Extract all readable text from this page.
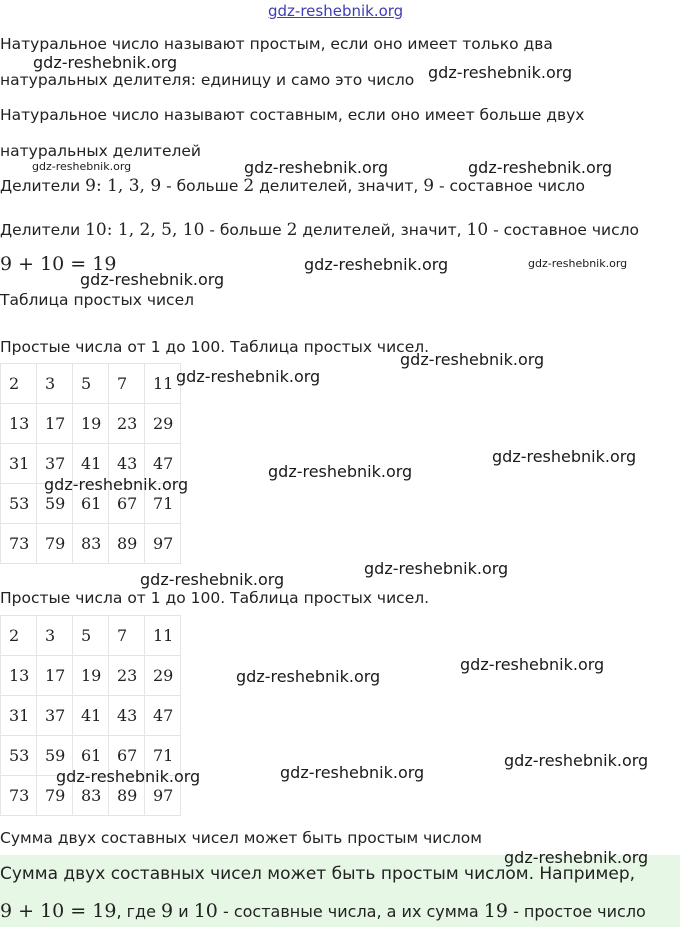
gdz-reshebnik.org
Натуральное число называют простым, если оно имеет только два
натуральных делителя: единицу и само это число
Натуральное число называют составным, если оно имеет больше двух
натуральных делителей
Делители 9: 1, 3, 9 - больше 2 делителей, значит, 9 - составное число
Делители 10: 1, 2, 5, 10 - больше 2 делителей, значит, 10 - составное число
9 + 10 = 19
Таблица простых чисел
Простые числа от 1 до 100. Таблица простых чисел.
2	3	5	7	11
13	17	19	23	29
31	37	41	43	47
53	59	61	67	71
73	79	83	89	97
Простые числа от 1 до 100. Таблица простых чисел.
2	3	5	7	11
13	17	19	23	29
31	37	41	43	47
53	59	61	67	71
73	79	83	89	97
Сумма двух составных чисел может быть простым числом
Сумма двух составных чисел может быть простым числом. Например,
9 + 10 = 19, где 9 и 10 - составные числа, а их сумма 19 - простое число
gdz-reshebnik.org
gdz-reshebnik.org
gdz-reshebnik.org	gdz-reshebnik.org	gdz-reshebnik.org
gdz-reshebnik.org	gdz-reshebnik.org
gdz-reshebnik.org
gdz-reshebnik.org
gdz-reshebnik.org
gdz-reshebnik.org
gdz-reshebnik.org
gdz-reshebnik.org
gdz-reshebnik.org
gdz-reshebnik.org
gdz-reshebnik.org
gdz-reshebnik.org
gdz-reshebnik.org
gdz-reshebnik.org
gdz-reshebnik.org
gdz-reshebnik.org
